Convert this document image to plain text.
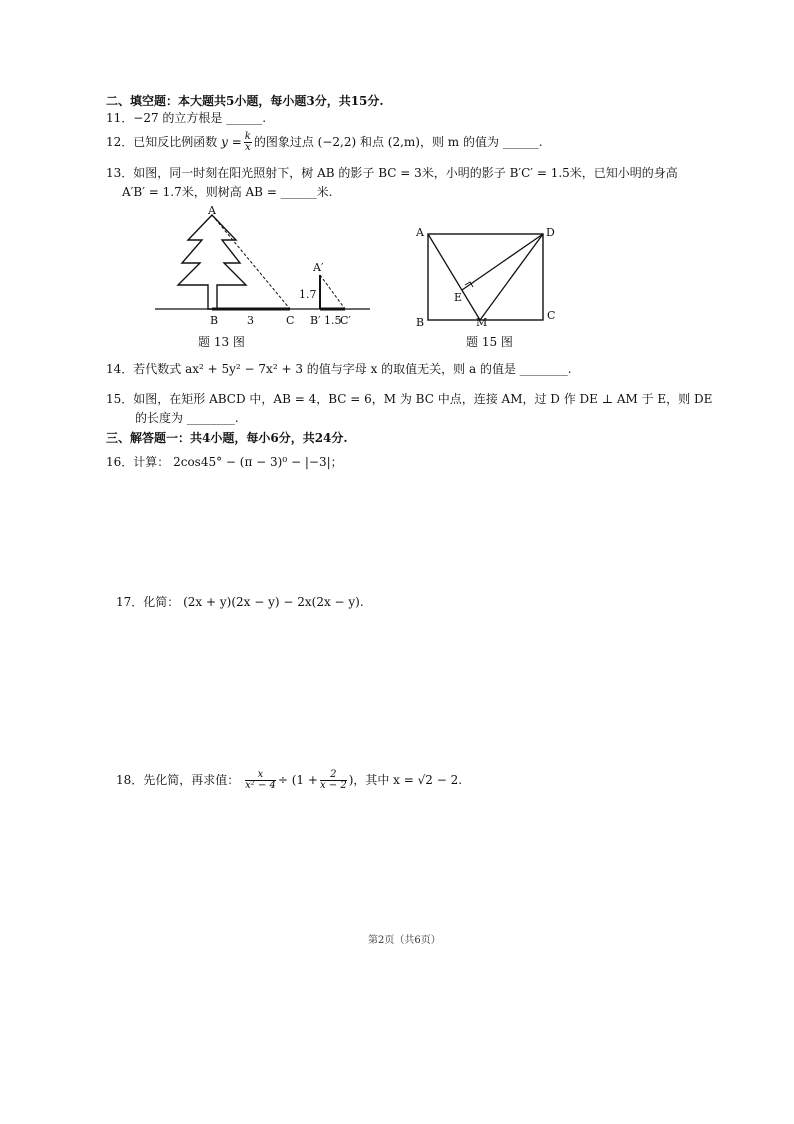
二、填空题：本大题共5小题，每小题3分，共15分.
11．−27 的立方根是 ______.
12．已知反比例函数 $y = \frac{k}{x}$ 的图象过点 (−2,2) 和点 (2,m)，则 m 的值为 ______.
13．如图，同一时刻在阳光照射下，树 AB 的影子 BC = 3米，小明的影子 B′C′ = 1.5米，已知小明的身高
A′B′ = 1.7米，则树高 AB = ______米.
A
B	3	C
A′
1.7
B′ 1.5
C′
题 13 图
A	D
B
C
E
M
题 15 图
14．若代数式 ax² + 5y² − 7x² + 3 的值与字母 x 的取值无关，则 a 的值是 ________.
15．如图，在矩形 ABCD 中，AB = 4，BC = 6，M 为 BC 中点，连接 AM，过 D 作 DE ⊥ AM 于 E，则 DE
的长度为 ________.
三、解答题一：共4小题，每小6分，共24分.
16．计算： 2cos45° − (π − 3)⁰ − |−3|；
17．化简： (2x + y)(2x − y) − 2x(2x − y).
18．先化简，再求值： $\frac{x}{\text{x² − 4}} \div (1 + \frac{2}{x - 2}$ )，其中 x = √2 − 2.
第2页（共6页）
